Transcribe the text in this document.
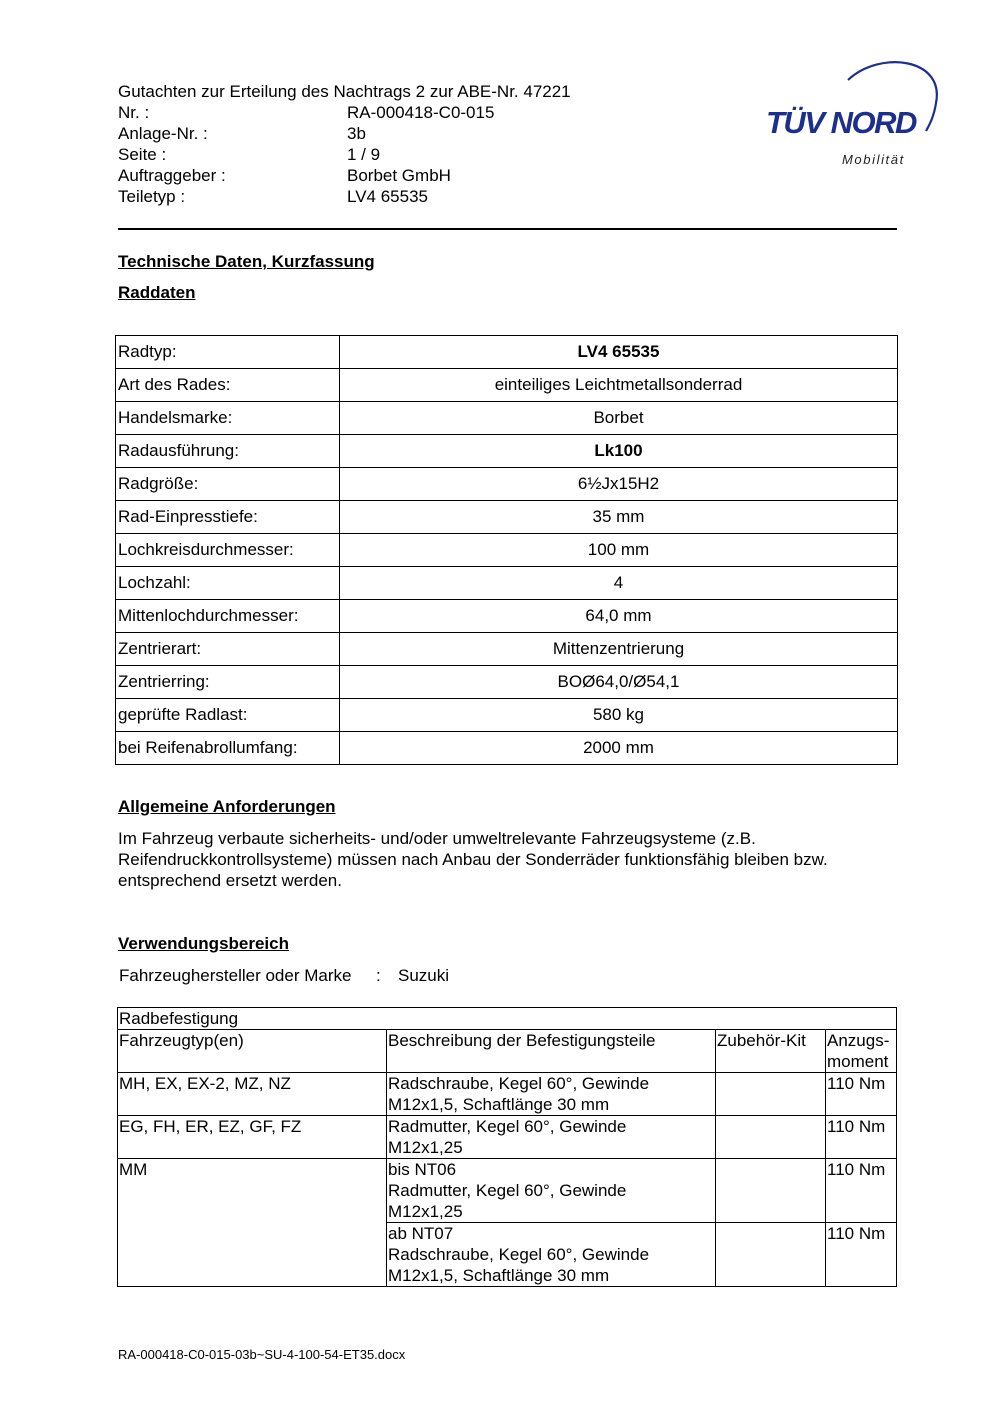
Gutachten zur Erteilung des Nachtrags 2 zur ABE-Nr. 47221
Nr. :	RA-000418-C0-015
Anlage-Nr. :	3b
Seite :	1 / 9
Auftraggeber :	Borbet GmbH
Teiletyp :	LV4 65535
TÜV NORD
Mobilität
Technische Daten, Kurzfassung
Raddaten
Radtyp:	LV4 65535
Art des Rades:	einteiliges Leichtmetallsonderrad
Handelsmarke:	Borbet
Radausführung:	Lk100
Radgröße:	6½Jx15H2
Rad-Einpresstiefe:	35 mm
Lochkreisdurchmesser:	100 mm
Lochzahl:	4
Mittenlochdurchmesser:	64,0 mm
Zentrierart:	Mittenzentrierung
Zentrierring:	BOØ64,0/Ø54,1
geprüfte Radlast:	580 kg
bei Reifenabrollumfang:	2000 mm
Allgemeine Anforderungen
Im Fahrzeug verbaute sicherheits- und/oder umweltrelevante Fahrzeugsysteme (z.B. Reifendruckkontrollsysteme) müssen nach Anbau der Sonderräder funktionsfähig bleiben bzw. entsprechend ersetzt werden.
Verwendungsbereich
Fahrzeughersteller oder Marke : Suzuki
Radbefestigung			
Fahrzeugtyp(en)	Beschreibung der Befestigungsteile	Zubehör-Kit	Anzugs-
moment
MH, EX, EX-2, MZ, NZ	Radschraube, Kegel 60°, Gewinde
M12x1,5, Schaftlänge 30 mm		110 Nm
EG, FH, ER, EZ, GF, FZ	Radmutter, Kegel 60°, Gewinde
M12x1,25		110 Nm
MM	bis NT06
Radmutter, Kegel 60°, Gewinde
M12x1,25		110 Nm
	ab NT07
Radschraube, Kegel 60°, Gewinde
M12x1,5, Schaftlänge 30 mm		110 Nm
RA-000418-C0-015-03b~SU-4-100-54-ET35.docx
